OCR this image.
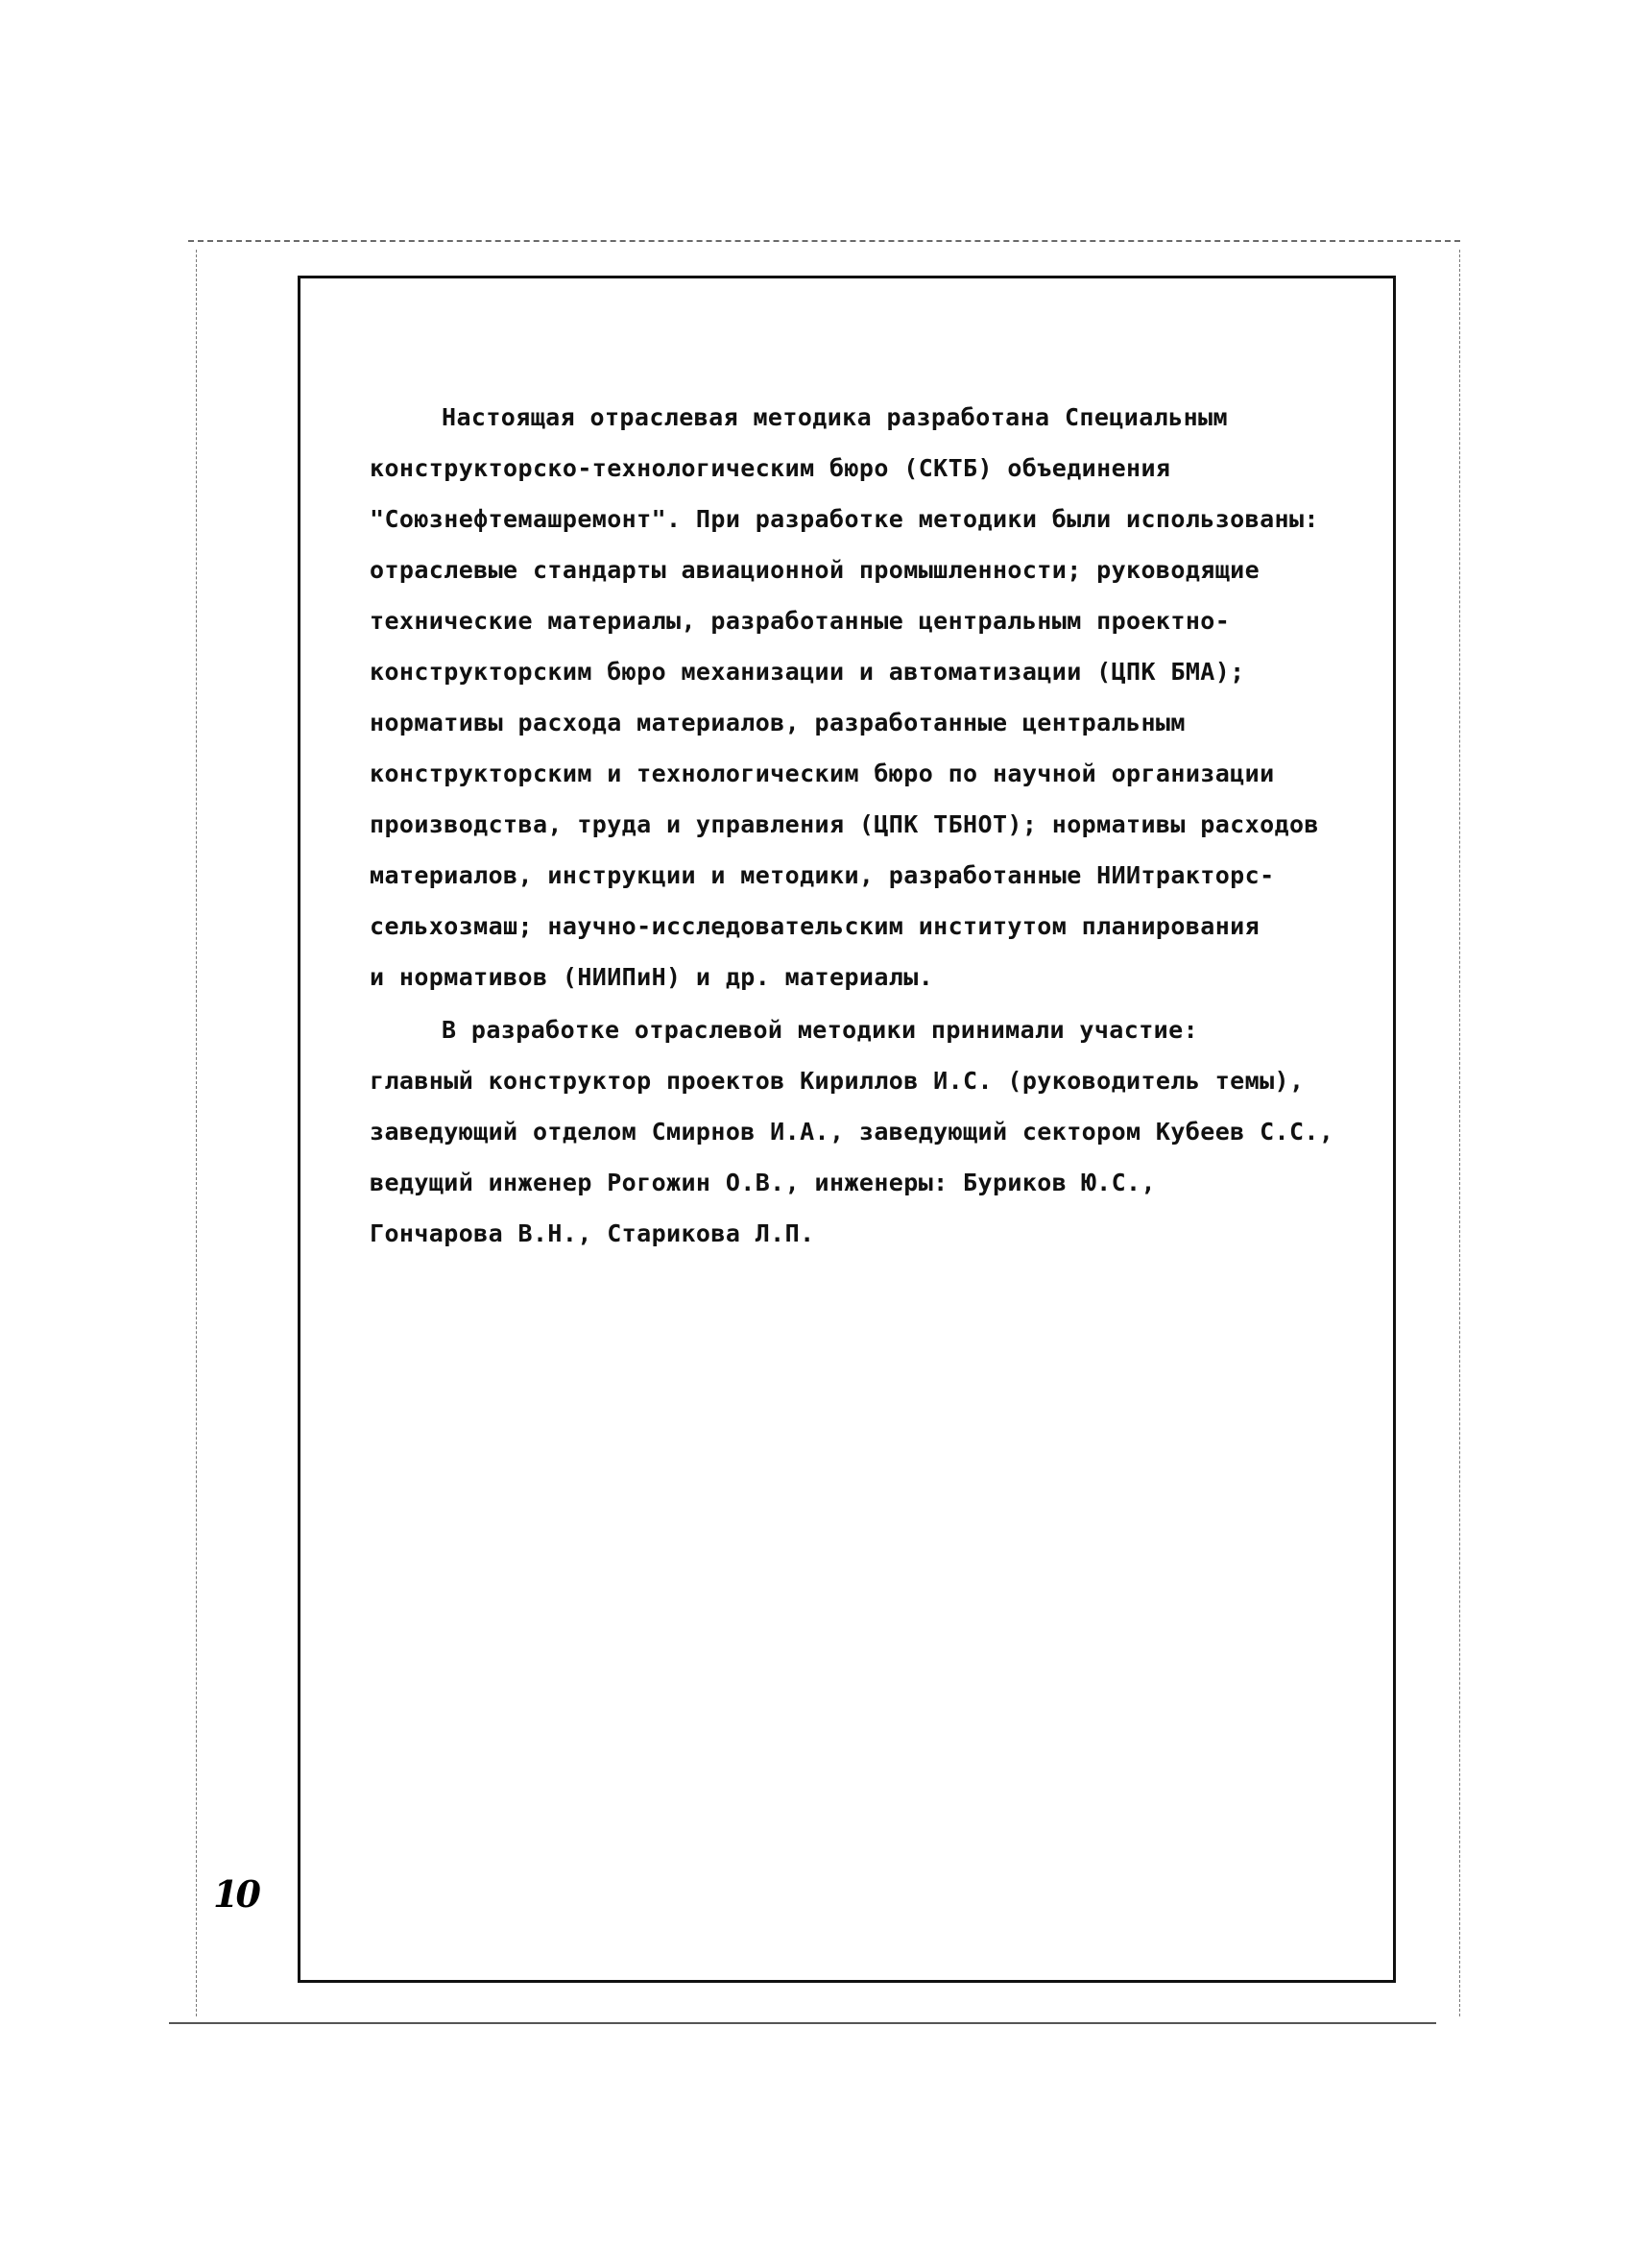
Настоящая отраслевая методика разработана Специальным
конструкторско-технологическим бюро (СКТБ) объединения
"Союзнефтемашремонт". При разработке методики были использованы:
отраслевые стандарты авиационной промышленности; руководящие
технические материалы, разработанные центральным проектно-
конструкторским бюро механизации и автоматизации (ЦПК БМА);
нормативы расхода материалов, разработанные центральным
конструкторским и технологическим бюро по научной организации
производства, труда и управления (ЦПК ТБНОТ); нормативы расходов
материалов, инструкции и методики, разработанные НИИтракторс-
сельхозмаш; научно-исследовательским институтом планирования
и нормативов (НИИПиН) и др. материалы.
В разработке отраслевой методики принимали участие:
главный конструктор проектов Кириллов И.С. (руководитель темы),
заведующий отделом Смирнов И.А., заведующий сектором Кубеев С.С.,
ведущий инженер Рогожин О.В., инженеры: Буриков Ю.С.,
Гончарова В.Н., Старикова Л.П.
10
